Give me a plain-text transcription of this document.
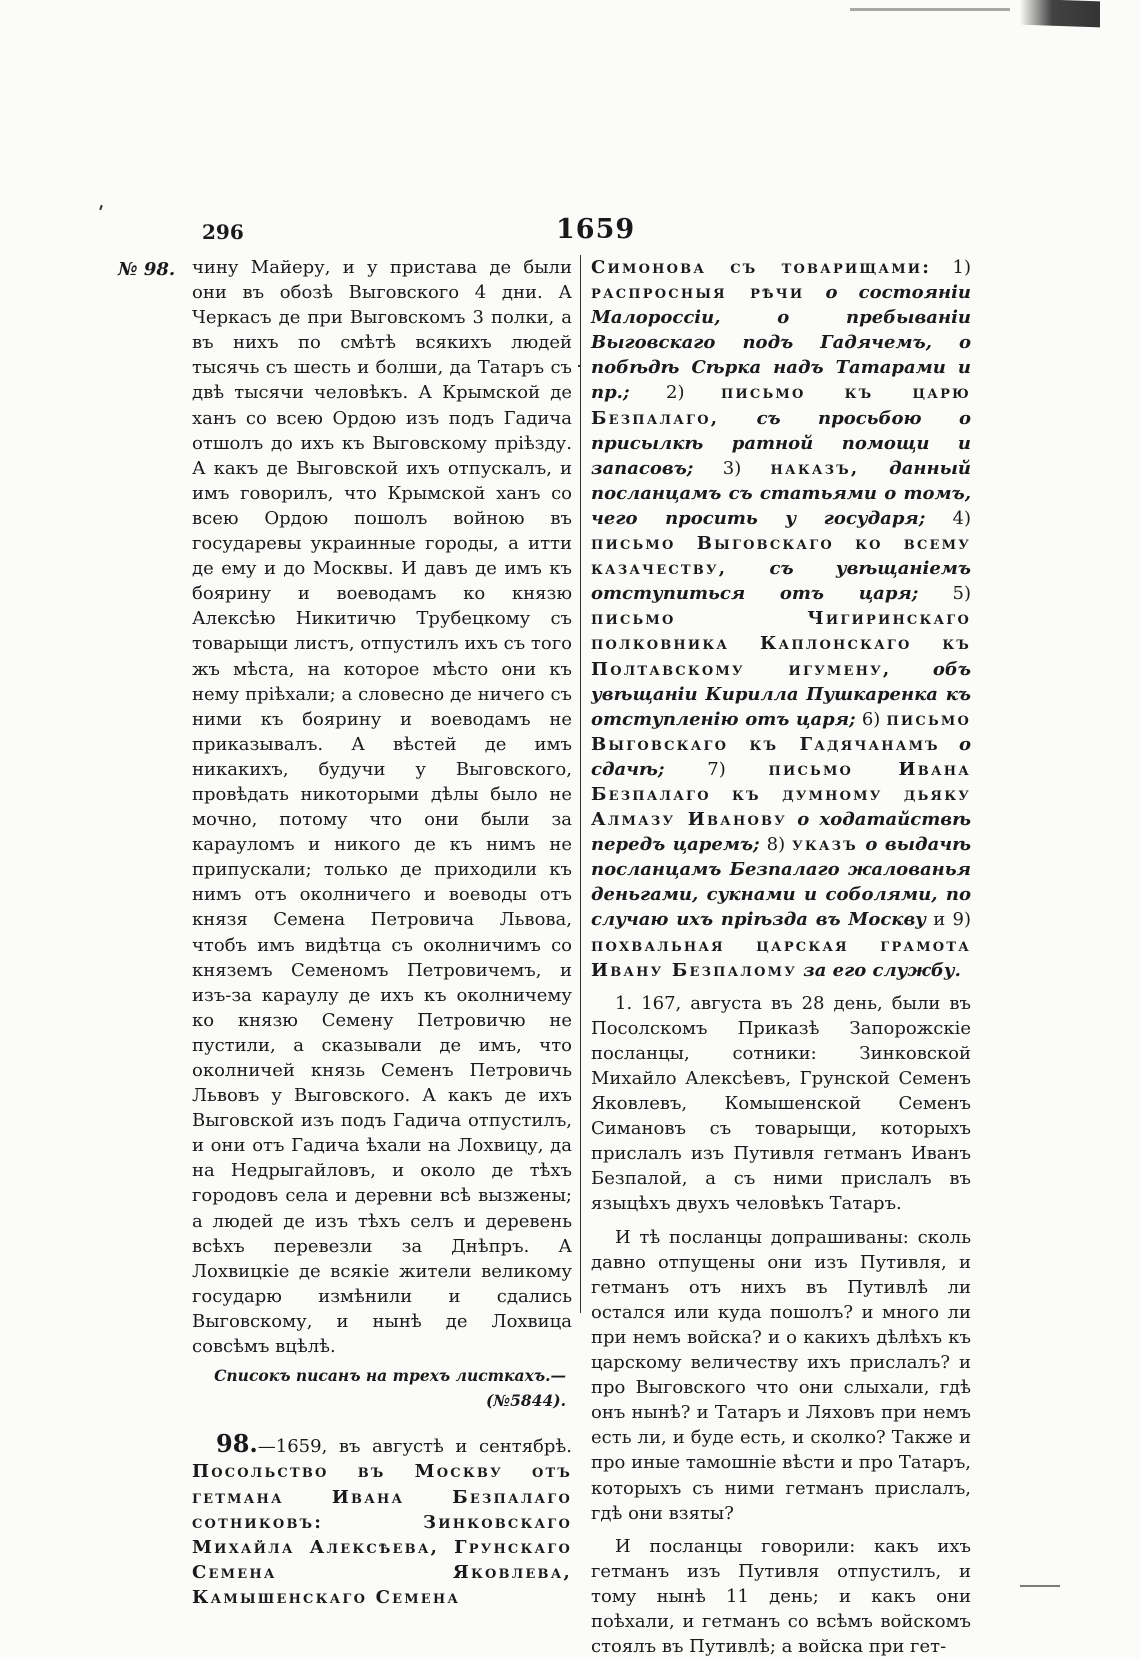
296	1659
№ 98. чину Майеру, и у пристава де были они въ обозѣ Выговского 4 дни. А Черкасъ де при Выговскомъ 3 полки, а въ нихъ по смѣтѣ всякихъ людей тысячь съ шесть и болши, да Татаръ съ двѣ тысячи человѣкъ. А Крымской де ханъ со всею Ордою изъ подъ Гадича отшолъ до ихъ къ Выговскому пріѣзду. А какъ де Выговской ихъ отпускалъ, и имъ говорилъ, что Крымской ханъ со всею Ордою пошолъ войною въ государевы украинные городы, а итти де ему и до Москвы. И давъ де имъ къ боярину и воеводамъ ко князю Алексѣю Никитичю Трубецкому съ товарыщи листъ, отпустилъ ихъ съ того жъ мѣста, на которое мѣсто они къ нему пріѣхали; а словесно де ничего съ ними къ боярину и воеводамъ не приказывалъ. А вѣстей де имъ никакихъ, будучи у Выговского, провѣдать никоторыми дѣлы было не мочно, потому что они были за карауломъ и никого де къ нимъ не припускали; только де приходили къ нимъ отъ околничего и воеводы отъ князя Семена Петровича Львова, чтобъ имъ видѣтца съ околничимъ со княземъ Семеномъ Петровичемъ, и изъ-за караулу де ихъ къ околничему ко князю Семену Петровичю не пустили, а сказывали де имъ, что околничей князь Семенъ Петровичь Львовъ у Выговского. А какъ де ихъ Выговской изъ подъ Гадича отпустилъ, и они отъ Гадича ѣхали на Лохвицу, да на Недрыгайловъ, и около де тѣхъ городовъ села и деревни всѣ вызжены; а людей де изъ тѣхъ селъ и деревень всѣхъ перевезли за Днѣпръ. А Лохвицкіе де всякіе жители великому государю измѣнили и сдались Выговскому, и нынѣ де Лохвица совсѣмъ вцѣлѣ.

Списокъ писанъ на трехъ листкахъ.—(№5844).

98.—1659, въ августѣ и сентябрѣ. Посольство въ Москву отъ гетмана Ивана Безпалаго сотниковъ: Зинковскаго Михайла Алексѣева, Грунскаго Семена Яковлева, Камышенскаго Семена

Симонова съ товарищами: 1) распросныя рѣчи о состояніи Малороссіи, о пребываніи Выговскаго подъ Гадячемъ, о побѣдѣ Сѣрка надъ Татарами и пр.; 2) письмо къ царю Безпалаго, съ просьбою о присылкѣ ратной помощи и запасовъ; 3) наказъ, данный посланцамъ съ статьями о томъ, чего просить у государя; 4) письмо Выговскаго ко всему казачеству, съ увѣщаніемъ отступиться отъ царя; 5) письмо Чигиринскаго полковника Каплонскаго къ Полтавскому игумену, объ увѣщаніи Кирилла Пушкаренка къ отступленію отъ царя; 6) письмо Выговскаго къ Гадячанамъ о сдачѣ; 7) письмо Ивана Безпалаго къ думному дьяку Алмазу Иванову о ходатайствѣ передъ царемъ; 8) указъ о выдачѣ посланцамъ Безпалаго жалованья деньгами, сукнами и соболями, по случаю ихъ пріѣзда въ Москву и 9) похвальная царская грамота Ивану Безпалому за его службу.

1. 167, августа въ 28 день, были въ Посолскомъ Приказѣ Запорожскіе посланцы, сотники: Зинковской Михайло Алексѣевъ, Грунской Семенъ Яковлевъ, Комышенской Семенъ Симановъ съ товарыщи, которыхъ прислалъ изъ Путивля гетманъ Иванъ Безпалой, а съ ними прислалъ въ языцѣхъ двухъ человѣкъ Татаръ.

И тѣ посланцы допрашиваны: сколь давно отпущены они изъ Путивля, и гетманъ отъ нихъ въ Путивлѣ ли остался или куда пошолъ? и много ли при немъ войска? и о какихъ дѣлѣхъ къ царскому величеству ихъ прислалъ? и про Выговского что они слыхали, гдѣ онъ нынѣ? и Татаръ и Ляховъ при немъ есть ли, и буде есть, и сколко? Также и про иные тамошніе вѣсти и про Татаръ, которыхъ съ ними гетманъ прислалъ, гдѣ они взяты?

И посланцы говорили: какъ ихъ гетманъ изъ Путивля отпустилъ, и тому нынѣ 11 день; и какъ они поѣхали, и гетманъ со всѣмъ войскомъ стоялъ въ Путивлѣ; а войска при гет-
